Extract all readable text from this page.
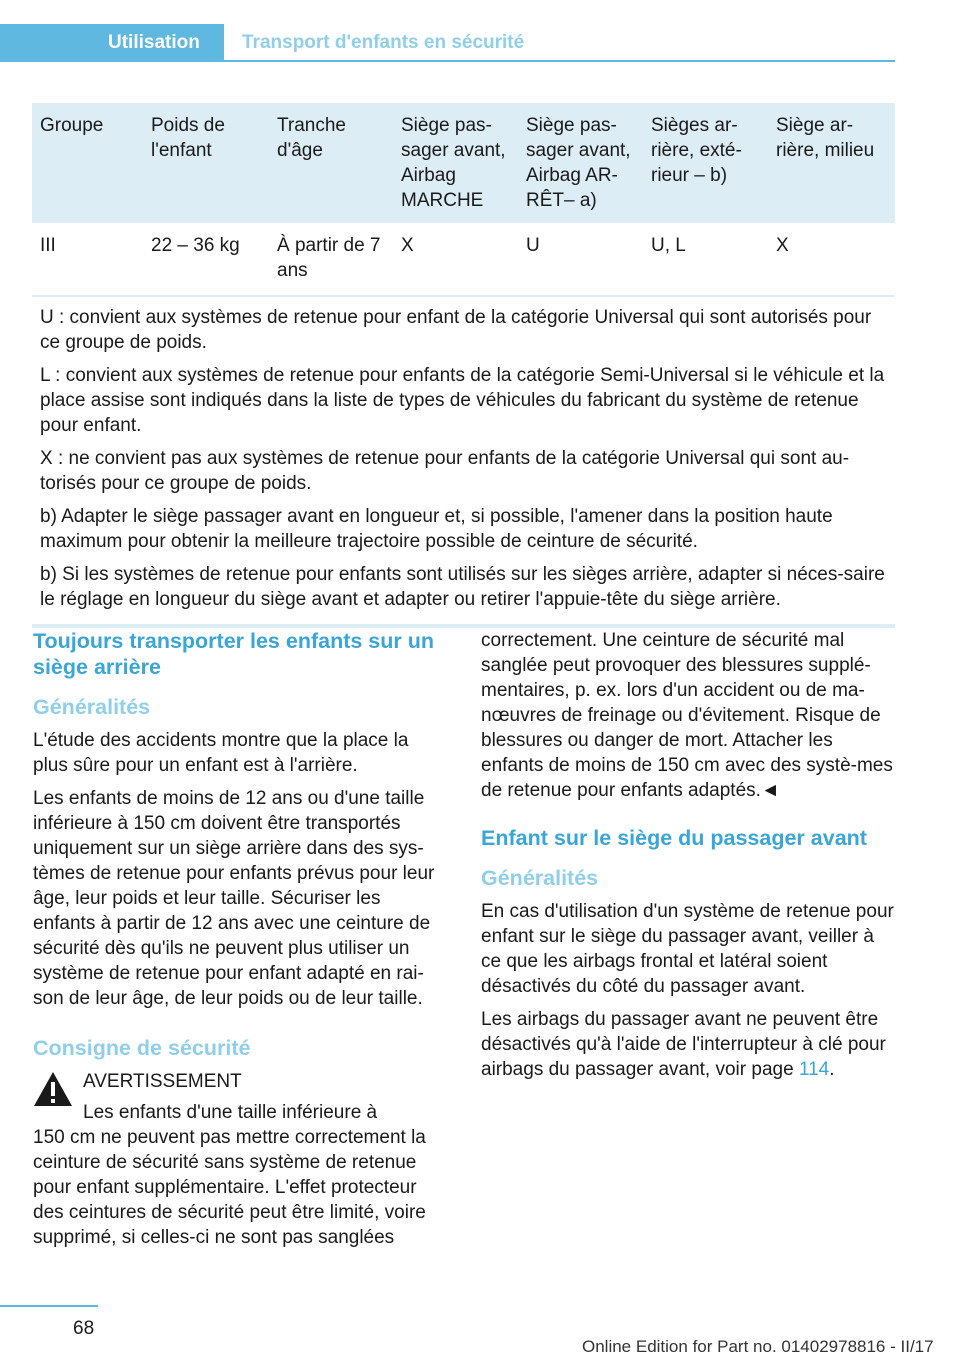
Utilisation	Transport d'enfants en sécurité
Groupe	Poids de l'enfant	Tranche d'âge	Siège pas-sager avant, Airbag MARCHE	Siège pas-sager avant, Airbag AR-RÊT– a)	Sièges ar-rière, exté-rieur – b)	Siège ar-rière, milieu
III	22 – 36 kg	À partir de 7 ans	X	U	U, L	X

U : convient aux systèmes de retenue pour enfant de la catégorie Universal qui sont autorisés pour ce groupe de poids.

L : convient aux systèmes de retenue pour enfants de la catégorie Semi-Universal si le véhicule et la place assise sont indiqués dans la liste de types de véhicules du fabricant du système de retenue pour enfant.

X : ne convient pas aux systèmes de retenue pour enfants de la catégorie Universal qui sont au-torisés pour ce groupe de poids.

b) Adapter le siège passager avant en longueur et, si possible, l'amener dans la position haute maximum pour obtenir la meilleure trajectoire possible de ceinture de sécurité.

b) Si les systèmes de retenue pour enfants sont utilisés sur les sièges arrière, adapter si néces-saire le réglage en longueur du siège avant et adapter ou retirer l'appuie-tête du siège arrière.

Toujours transporter les enfants sur un siège arrière
Généralités

L'étude des accidents montre que la place la plus sûre pour un enfant est à l'arrière.

Les enfants de moins de 12 ans ou d'une taille inférieure à 150 cm doivent être transportés uniquement sur un siège arrière dans des sys-tèmes de retenue pour enfants prévus pour leur âge, leur poids et leur taille. Sécuriser les enfants à partir de 12 ans avec une ceinture de sécurité dès qu'ils ne peuvent plus utiliser un système de retenue pour enfant adapté en rai-son de leur âge, de leur poids ou de leur taille.

Consigne de sécurité
AVERTISSEMENT
Les enfants d'une taille inférieure à
150 cm ne peuvent pas mettre correctement la ceinture de sécurité sans système de retenue pour enfant supplémentaire. L'effet protecteur des ceintures de sécurité peut être limité, voire supprimé, si celles-ci ne sont pas sanglées

correctement. Une ceinture de sécurité mal sanglée peut provoquer des blessures supplé-mentaires, p. ex. lors d'un accident ou de ma-nœuvres de freinage ou d'évitement. Risque de blessures ou danger de mort. Attacher les enfants de moins de 150 cm avec des systè-mes de retenue pour enfants adaptés.◄

Enfant sur le siège du passager avant
Généralités

En cas d'utilisation d'un système de retenue pour enfant sur le siège du passager avant, veiller à ce que les airbags frontal et latéral soient désactivés du côté du passager avant.

Les airbags du passager avant ne peuvent être désactivés qu'à l'aide de l'interrupteur à clé pour airbags du passager avant, voir page 114.

68
Online Edition for Part no. 01402978816 - II/17
